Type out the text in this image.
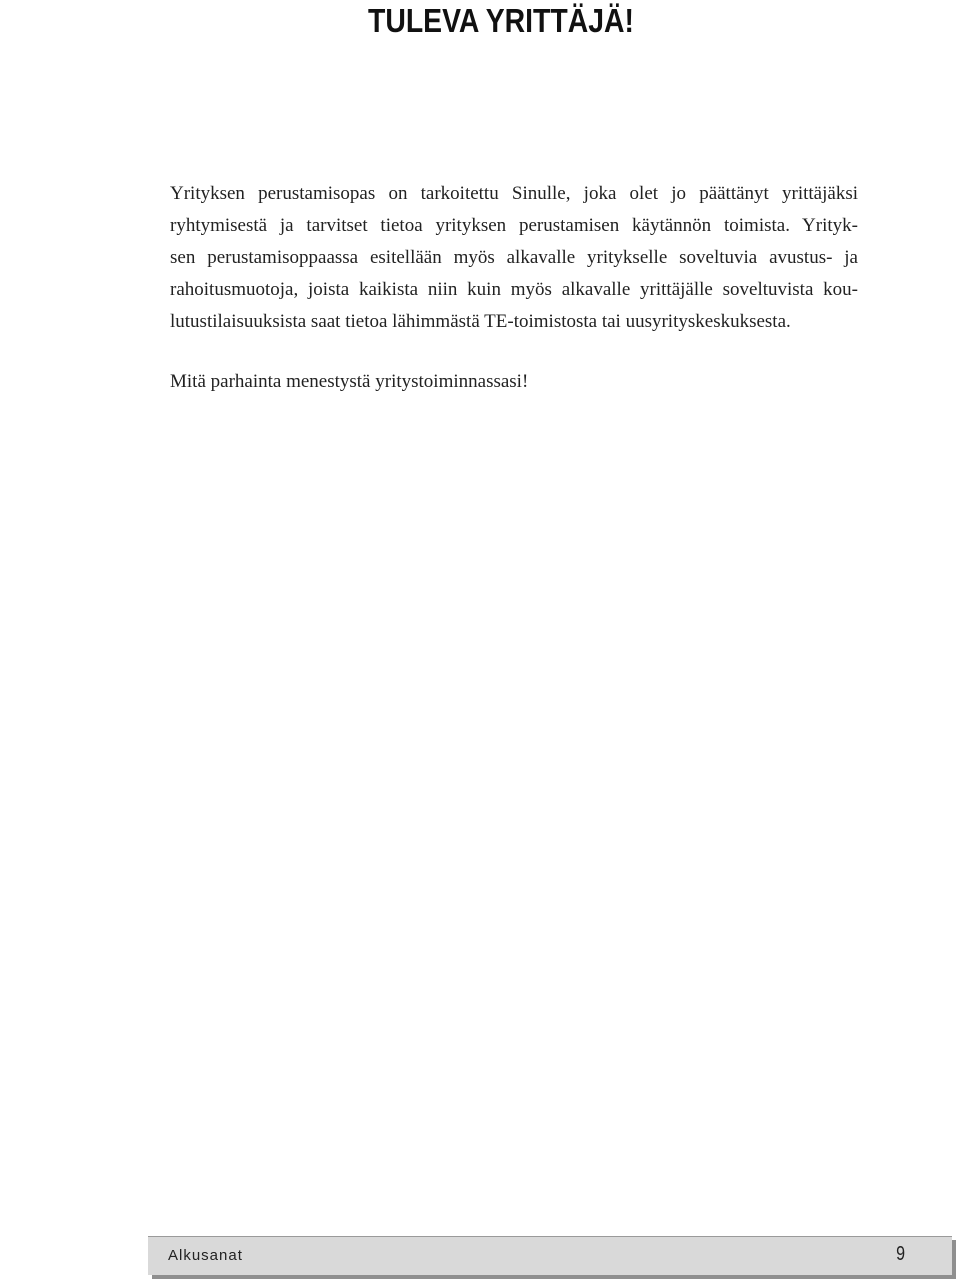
TULEVA YRITTÄJÄ!

Yrityksen perustamisopas on tarkoitettu Sinulle, joka olet jo päättänyt yrittäjäksi
ryhtymisestä ja tarvitset tietoa yrityksen perustamisen käytännön toimista. Yrityk-
sen perustamisoppaassa esitellään myös alkavalle yritykselle soveltuvia avustus- ja
rahoitusmuotoja, joista kaikista niin kuin myös alkavalle yrittäjälle soveltuvista kou-
lutustilaisuuksista saat tietoa lähimmästä TE-toimistosta tai uusyrityskeskuksesta.

Mitä parhainta menestystä yritystoiminnassasi!

Alkusanat	9
